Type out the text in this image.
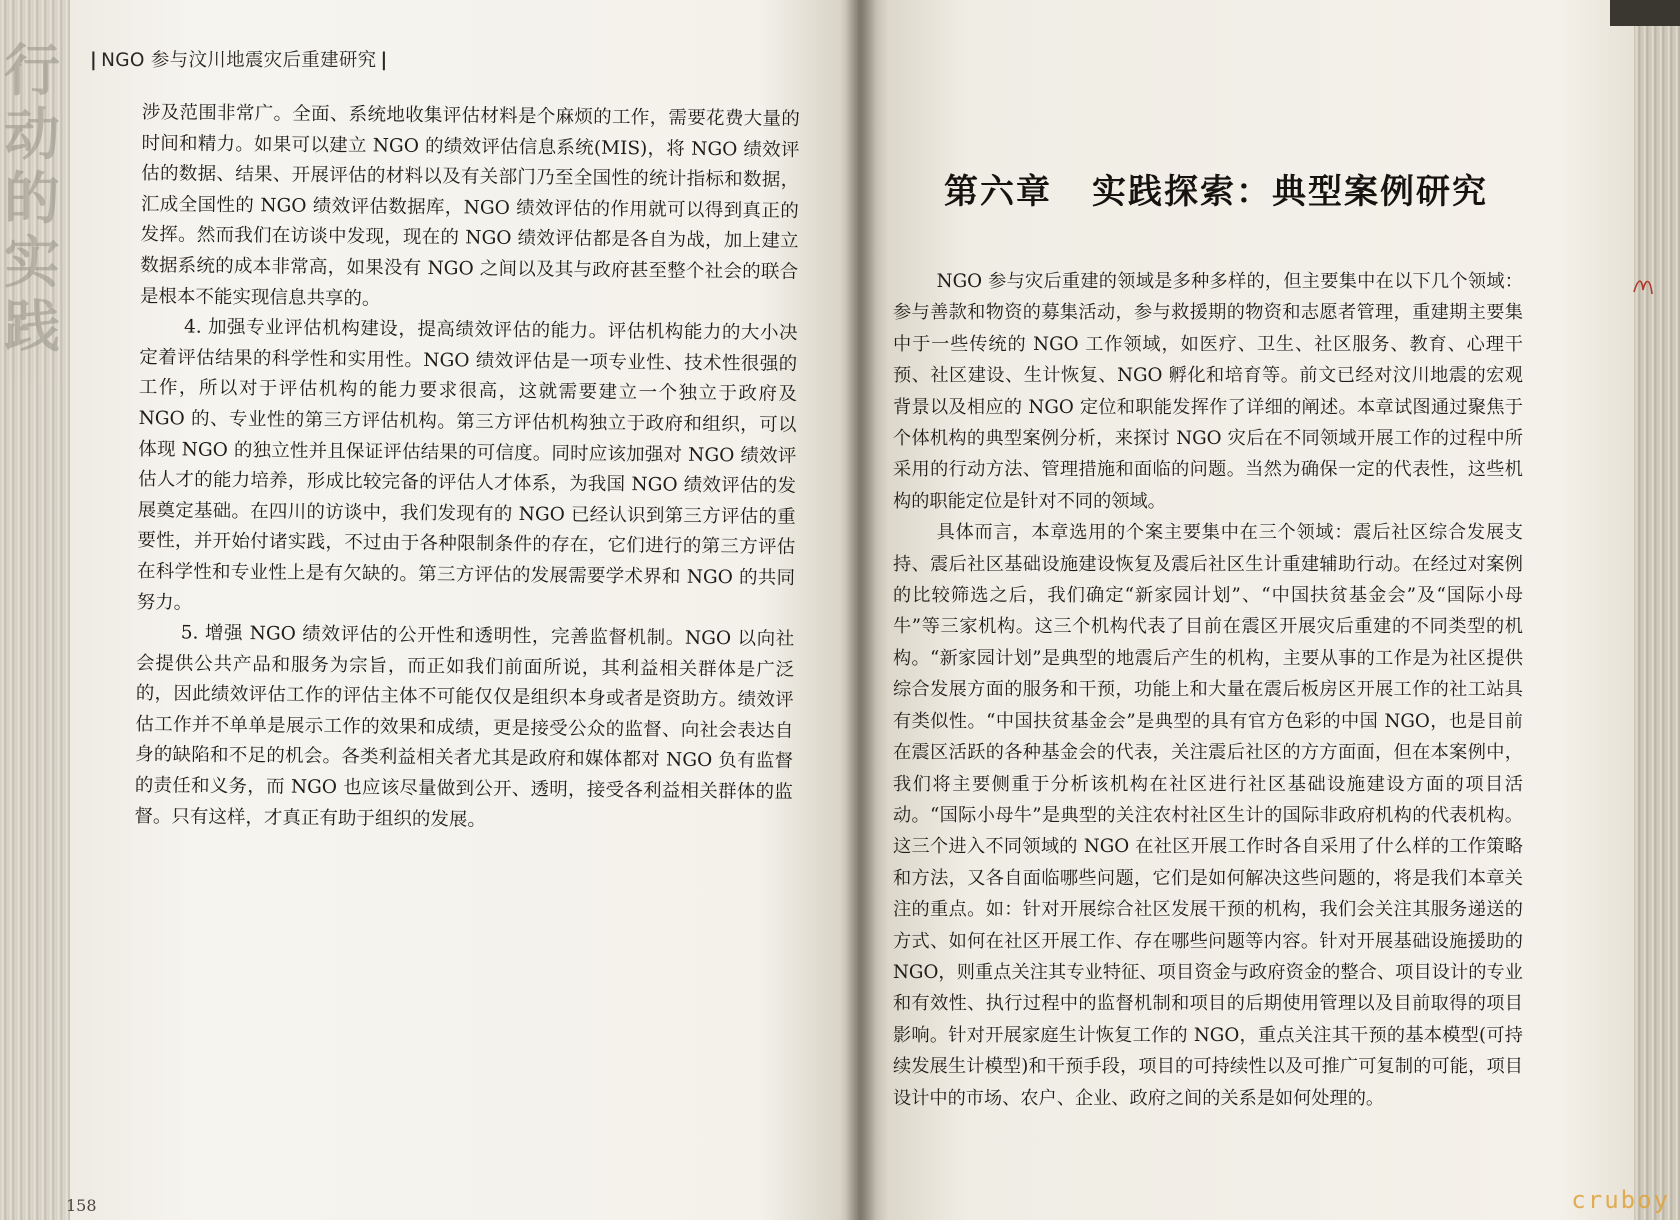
行
动
的
实
践
| NGO 参与汶川地震灾后重建研究 |

涉及范围非常广。全面、系统地收集评估材料是个麻烦的工作，需要花费大量的时间和精力。如果可以建立 NGO 的绩效评估信息系统(MIS)，将 NGO 绩效评估的数据、结果、开展评估的材料以及有关部门乃至全国性的统计指标和数据，汇成全国性的 NGO 绩效评估数据库，NGO 绩效评估的作用就可以得到真正的发挥。然而我们在访谈中发现，现在的 NGO 绩效评估都是各自为战，加上建立数据系统的成本非常高，如果没有 NGO 之间以及其与政府甚至整个社会的联合是根本不能实现信息共享的。

4. 加强专业评估机构建设，提高绩效评估的能力。评估机构能力的大小决定着评估结果的科学性和实用性。NGO 绩效评估是一项专业性、技术性很强的工作，所以对于评估机构的能力要求很高，这就需要建立一个独立于政府及 NGO 的、专业性的第三方评估机构。第三方评估机构独立于政府和组织，可以体现 NGO 的独立性并且保证评估结果的可信度。同时应该加强对 NGO 绩效评估人才的能力培养，形成比较完备的评估人才体系，为我国 NGO 绩效评估的发展奠定基础。在四川的访谈中，我们发现有的 NGO 已经认识到第三方评估的重要性，并开始付诸实践，不过由于各种限制条件的存在，它们进行的第三方评估在科学性和专业性上是有欠缺的。第三方评估的发展需要学术界和 NGO 的共同努力。

5. 增强 NGO 绩效评估的公开性和透明性，完善监督机制。NGO 以向社会提供公共产品和服务为宗旨，而正如我们前面所说，其利益相关群体是广泛的，因此绩效评估工作的评估主体不可能仅仅是组织本身或者是资助方。绩效评估工作并不单单是展示工作的效果和成绩，更是接受公众的监督、向社会表达自身的缺陷和不足的机会。各类利益相关者尤其是政府和媒体都对 NGO 负有监督的责任和义务，而 NGO 也应该尽量做到公开、透明，接受各利益相关群体的监督。只有这样，才真正有助于组织的发展。

158
第六章 实践探索：典型案例研究

NGO 参与灾后重建的领域是多种多样的，但主要集中在以下几个领域：参与善款和物资的募集活动，参与救援期的物资和志愿者管理，重建期主要集中于一些传统的 NGO 工作领域，如医疗、卫生、社区服务、教育、心理干预、社区建设、生计恢复、NGO 孵化和培育等。前文已经对汶川地震的宏观背景以及相应的 NGO 定位和职能发挥作了详细的阐述。本章试图通过聚焦于个体机构的典型案例分析，来探讨 NGO 灾后在不同领域开展工作的过程中所采用的行动方法、管理措施和面临的问题。当然为确保一定的代表性，这些机构的职能定位是针对不同的领域。

具体而言，本章选用的个案主要集中在三个领域：震后社区综合发展支持、震后社区基础设施建设恢复及震后社区生计重建辅助行动。在经过对案例的比较筛选之后，我们确定“新家园计划”、“中国扶贫基金会”及“国际小母牛”等三家机构。这三个机构代表了目前在震区开展灾后重建的不同类型的机构。“新家园计划”是典型的地震后产生的机构，主要从事的工作是为社区提供综合发展方面的服务和干预，功能上和大量在震后板房区开展工作的社工站具有类似性。“中国扶贫基金会”是典型的具有官方色彩的中国 NGO，也是目前在震区活跃的各种基金会的代表，关注震后社区的方方面面，但在本案例中，我们将主要侧重于分析该机构在社区进行社区基础设施建设方面的项目活动。“国际小母牛”是典型的关注农村社区生计的国际非政府机构的代表机构。这三个进入不同领域的 NGO 在社区开展工作时各自采用了什么样的工作策略和方法，又各自面临哪些问题，它们是如何解决这些问题的，将是我们本章关注的重点。如：针对开展综合社区发展干预的机构，我们会关注其服务递送的方式、如何在社区开展工作、存在哪些问题等内容。针对开展基础设施援助的 NGO，则重点关注其专业特征、项目资金与政府资金的整合、项目设计的专业和有效性、执行过程中的监督机制和项目的后期使用管理以及目前取得的项目影响。针对开展家庭生计恢复工作的 NGO，重点关注其干预的基本模型(可持续发展生计模型)和干预手段，项目的可持续性以及可推广可复制的可能，项目设计中的市场、农户、企业、政府之间的关系是如何处理的。

cruboy
